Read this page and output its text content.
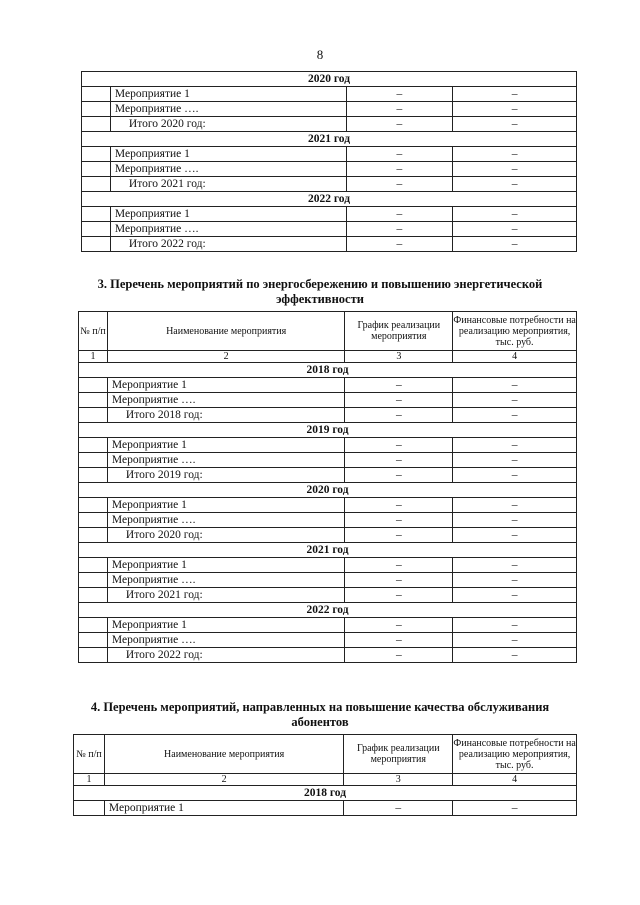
8
2020 год			
	Мероприятие 1	–	–
	Мероприятие ….	–	–
	Итого 2020 год:	–	–
2021 год			
	Мероприятие 1	–	–
	Мероприятие ….	–	–
	Итого 2021 год:	–	–
2022 год			
	Мероприятие 1	–	–
	Мероприятие ….	–	–
	Итого 2022 год:	–	–
3. Перечень мероприятий по энергосбережению и повышению энергетической
эффективности
№ п/п	Наименование мероприятия	График реализации мероприятия	Финансовые потребности на реализацию мероприятия, тыс. руб.
1	2	3	4
2018 год			
	Мероприятие 1	–	–
	Мероприятие ….	–	–
	Итого 2018 год:	–	–
2019 год			
	Мероприятие 1	–	–
	Мероприятие ….	–	–
	Итого 2019 год:	–	–
2020 год			
	Мероприятие 1	–	–
	Мероприятие ….	–	–
	Итого 2020 год:	–	–
2021 год			
	Мероприятие 1	–	–
	Мероприятие ….	–	–
	Итого 2021 год:	–	–
2022 год			
	Мероприятие 1	–	–
	Мероприятие ….	–	–
	Итого 2022 год:	–	–
4. Перечень мероприятий, направленных на повышение качества обслуживания
абонентов
№ п/п	Наименование мероприятия	График реализации мероприятия	Финансовые потребности на реализацию мероприятия, тыс. руб.
1	2	3	4
2018 год			
	Мероприятие 1	–	–
